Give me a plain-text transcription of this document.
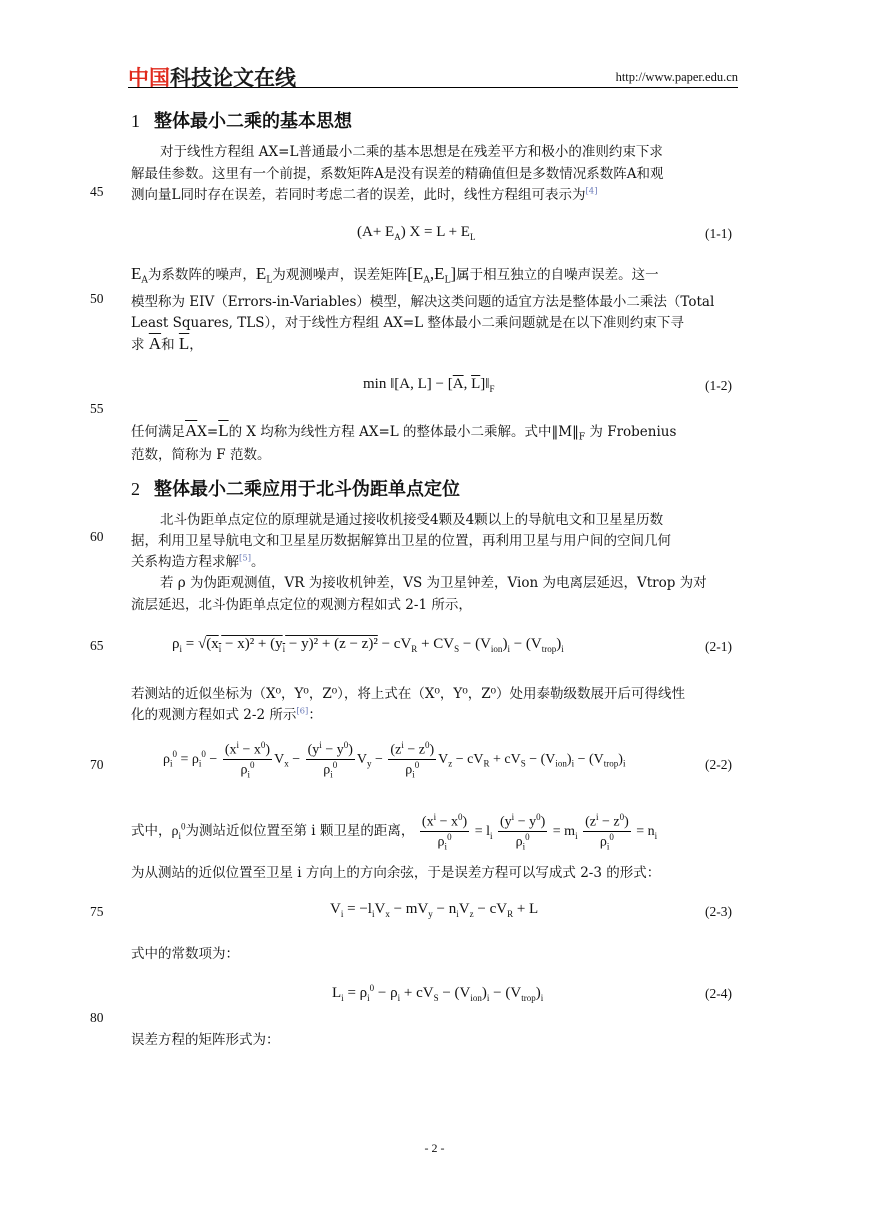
中国科技论文在线	http://www.paper.edu.cn
45
50
55
60
65
70
75
80
1 整体最小二乘的基本思想
对于线性方程组 AX=L普通最小二乘的基本思想是在残差平方和极小的准则约束下求
解最佳参数。这里有一个前提，系数矩阵A是没有误差的精确值但是多数情况系数阵A和观
测向量L同时存在误差，若同时考虑二者的误差，此时，线性方程组可表示为[4]
$(A+ E_A)$ $X = L + E_L$	(1-1)
$E_A$为系数阵的噪声，$E_L$为观测噪声，误差矩阵$[E_A,E_L]$属于相互独立的自噪声误差。这一
模型称为 EIV（Errors-in-Variables）模型，解决这类问题的适宜方法是整体最小二乘法（Total
Least Squares, TLS），对于线性方程组 AX=L 整体最小二乘问题就是在以下准则约束下寻
求 $\overline{A}$和 $\overline{L}$，
min ‖[A, $L] - [\overline{A}$, $\overline{L}]‖_F$	(1-2)
任何满足$\overline{A}X=\overline{L}$的 X 均称为线性方程 AX=L 的整体最小二乘解。式中$‖M‖_F$ 为 Frobenius
范数，简称为 F 范数。
2 整体最小二乘应用于北斗伪距单点定位
北斗伪距单点定位的原理就是通过接收机接受4颗及4颗以上的导航电文和卫星星历数
据，利用卫星导航电文和卫星星历数据解算出卫星的位置，再利用卫星与用户间的空间几何
关系构造方程求解[5]。
若 ρ 为伪距观测值，VR 为接收机钟差，VS 为卫星钟差，Vion 为电离层延迟，Vtrop 为对
流层延迟，北斗伪距单点定位的观测方程如式 2-1 所示，
$\rho_i = √(x_i - x)^2 + (y_i - y)^2 + (z - z)^2 - cV_R + CV_S - (V_{ion})_i - (V_{trop})_i$	(2-1)
若测站的近似坐标为（X⁰，Y⁰，Z⁰），将上式在（X⁰，Y⁰，Z⁰）处用泰勒级数展开后可得线性
化的观测方程如式 2-2 所示[6]：
$\rho_i^0 = \rho_i^0 - \frac{(x^i - x^0)}{\rho_i^0} V_x - \frac{(y^i - y^0)}{\rho_i^0} V_y - \frac{(z^i - z^0)}{\rho_i^0} V_z - cV_R + cV_S - (V_{ion})_i - (V_{trop})_i$	(2-2)
式中，$\rho_i^0$为测站近似位置至第 i 颗卫星的距离， $\frac{(x^i - x^0)}{\rho_i^0} = l_i \frac{(y^i - y^0)}{\rho_i^0} = m_i \frac{(z^i - z^0)}{\rho_i^0} = n_i$
为从测站的近似位置至卫星 i 方向上的方向余弦，于是误差方程可以写成式 2-3 的形式：
$V_i = -l_iV_x - mV_y - n_iV_z - cV_R + L$	(2-3)
式中的常数项为：
$L_i = \rho_i^0 - \rho_i + cV_S - (V_{ion})_i - (V_{trop})_i$	(2-4)
误差方程的矩阵形式为：
- 2 -
